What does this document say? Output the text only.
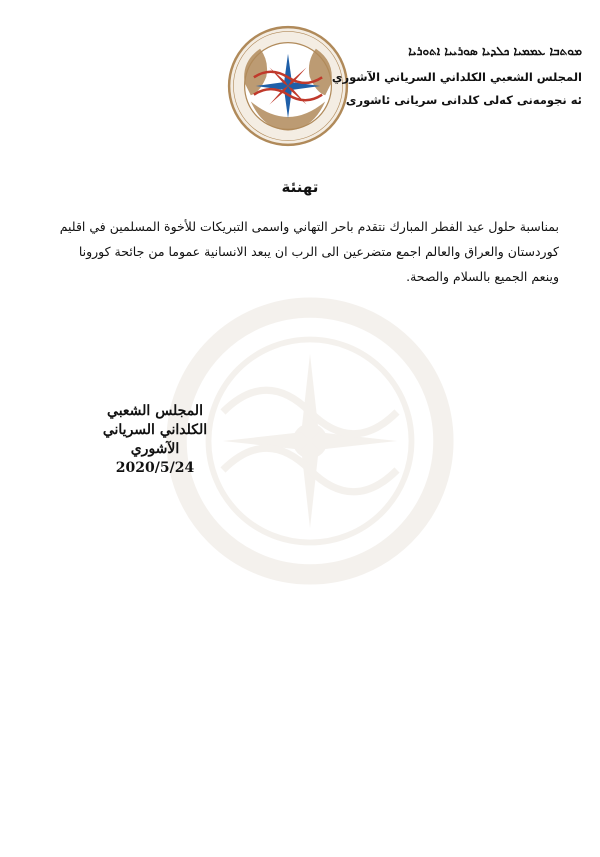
ܡܘܬܒܐ ܥܡܡܝܐ ܟܠܕܝܐ ܣܘܪܝܝܐ ܐܬܘܪܝܐ
المجلس الشعبي الكلداني السرياني الآشوري
ئه نجومه‌نی که‌لی کلدانی سریانی ئاشوری
تهنئة

بمناسبة حلول عيد الفطر المبارك نتقدم باحر التهاني واسمى التبريكات للأخوة المسلمين في اقليم

كوردستان والعراق والعالم اجمع متضرعين الى الرب ان يبعد الانسانية عموما من جائحة كورونا

وينعم الجميع بالسلام والصحة.

المجلس الشعبي
الكلداني السرياني الآشوري
2020/5/24
